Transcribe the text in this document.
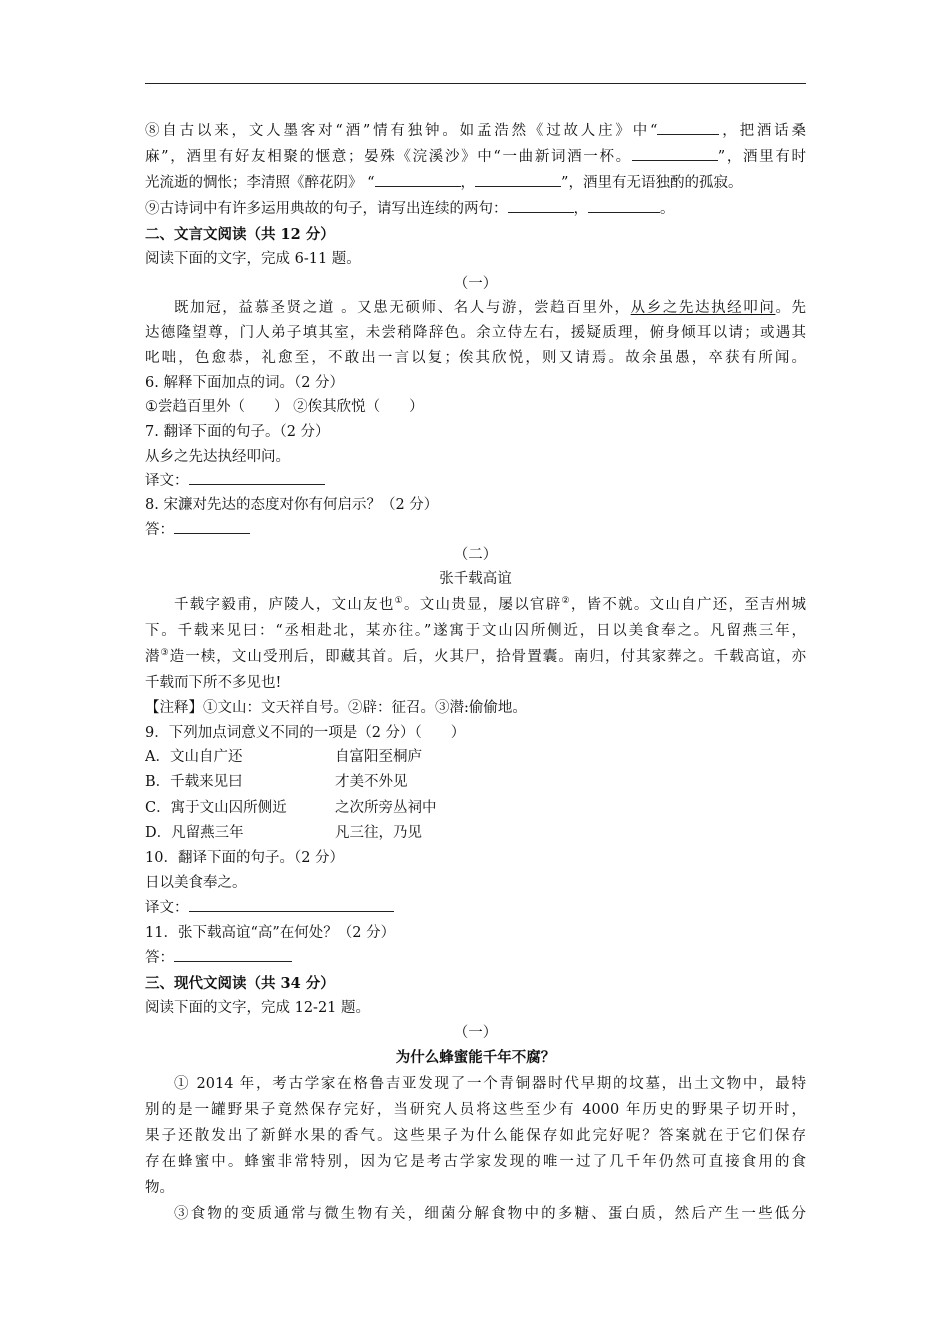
⑧自古以来，文人墨客对“酒”情有独钟。如孟浩然《过故人庄》中“	，把酒话桑
麻”，酒里有好友相聚的惬意；晏殊《浣溪沙》中“一曲新词酒一杯。	”，酒里有时
光流逝的惆怅；李清照《醉花阴》 “	，	”，酒里有无语独酌的孤寂。
⑨古诗词中有许多运用典故的句子，请写出连续的两句：	，	。
二、文言文阅读（共 12 分）
阅读下面的文字，完成 6-11 题。
（一）
既加冠，益慕圣贤之道 。又患无硕师、名人与游，尝趋百里外，从乡之先达执经叩问。先
达德隆望尊，门人弟子填其室，未尝稍降辞色。余立侍左右，援疑质理，俯身倾耳以请；或遇其
叱咄，色愈恭，礼愈至，不敢出一言以复；俟其欣悦，则又请焉。故余虽愚，卒获有所闻。
6. 解释下面加点的词。（2 分）
①尝趋百里外（　　） ②俟其欣悦（　　）
7. 翻译下面的句子。（2 分）
从乡之先达执经叩问。
译文：
8. 宋濂对先达的态度对你有何启示？（2 分）
答：
（二）
张千载高谊
千载字毅甫，庐陵人，文山友也①。文山贵显，屡以官辟②，皆不就。文山自广还，至吉州城
下。千载来见曰：“丞相赴北，某亦往。”遂寓于文山囚所侧近，日以美食奉之。凡留燕三年，
潜③造一椟，文山受刑后，即藏其首。后，火其尸，拾骨置囊。南归，付其家葬之。千载高谊，亦
千载而下所不多见也!
【注释】①文山：文天祥自号。②辟：征召。③潜:偷偷地。
9．下列加点词意义不同的一项是（2 分）（　　）
A．文山自广还	自富阳至桐庐
B．千载来见曰	才美不外见
C．寓于文山囚所侧近	之次所旁丛祠中
D．凡留燕三年	凡三往，乃见
10．翻译下面的句子。（2 分）
日以美食奉之。
译文：
11．张下载高谊“高”在何处？（2 分）
答：
三、现代文阅读（共 34 分）
阅读下面的文字，完成 12-21 题。
（一）
为什么蜂蜜能千年不腐？
① 2014 年，考古学家在格鲁吉亚发现了一个青铜器时代早期的坟墓，出土文物中，最特
别的是一罐野果子竟然保存完好，当研究人员将这些至少有 4000 年历史的野果子切开时，
果子还散发出了新鲜水果的香气。这些果子为什么能保存如此完好呢？答案就在于它们保存
存在蜂蜜中。蜂蜜非常特别，因为它是考古学家发现的唯一过了几千年仍然可直接食用的食
物。
③食物的变质通常与微生物有关，细菌分解食物中的多糖、蛋白质，然后产生一些低分
